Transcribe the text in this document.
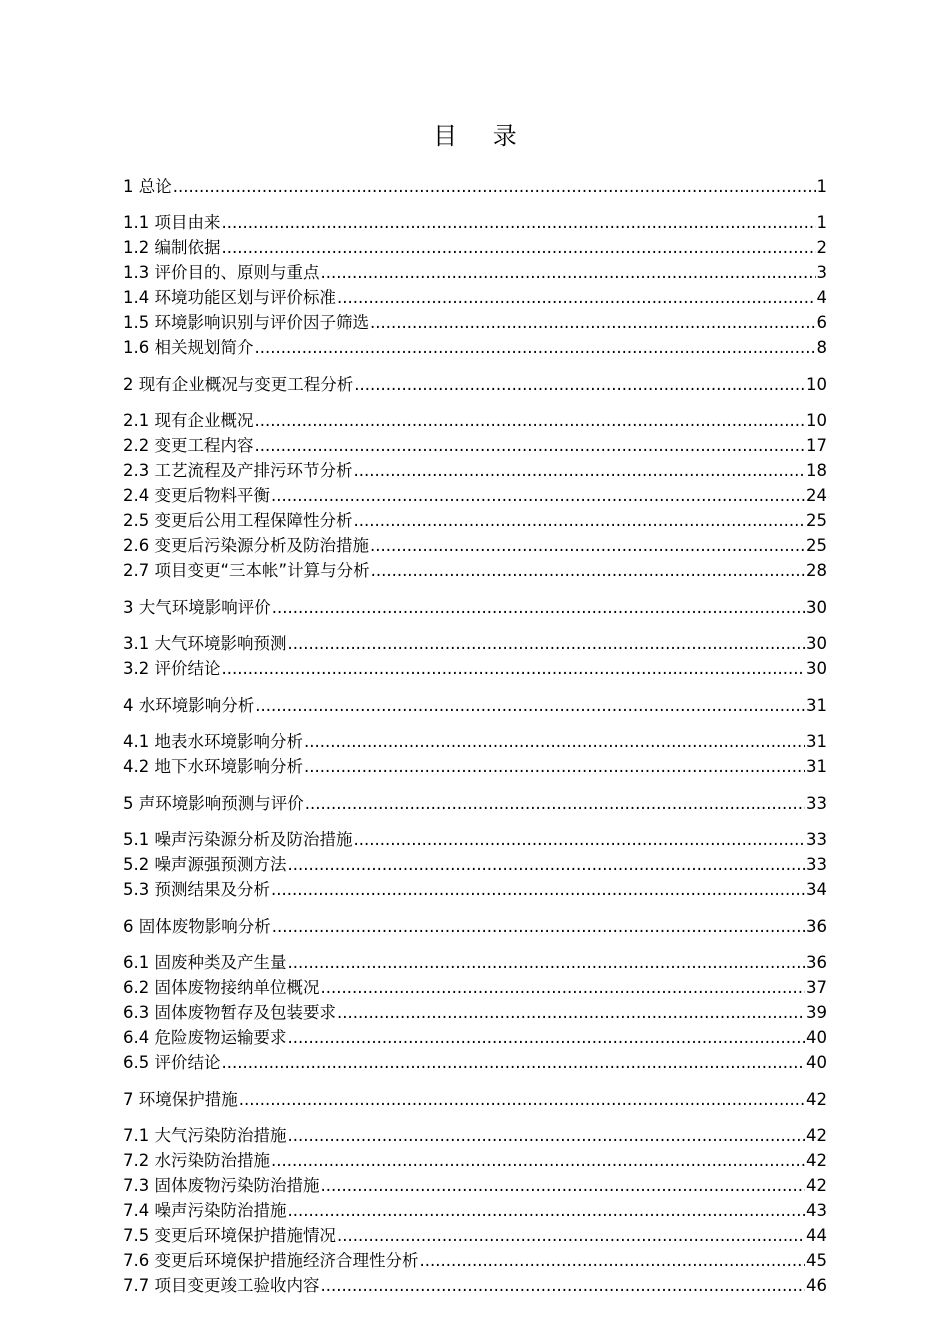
目 录
1 总论 .....	1
1.1 项目由来 .....	1
1.2 编制依据 .....	2
1.3 评价目的、原则与重点 .....	3
1.4 环境功能区划与评价标准 .....	4
1.5 环境影响识别与评价因子筛选 .....	6
1.6 相关规划简介 .....	8
2 现有企业概况与变更工程分析 .....	10
2.1 现有企业概况 .....	10
2.2 变更工程内容 .....	17
2.3 工艺流程及产排污环节分析 .....	18
2.4 变更后物料平衡 .....	24
2.5 变更后公用工程保障性分析 .....	25
2.6 变更后污染源分析及防治措施 .....	25
2.7 项目变更“三本帐”计算与分析 .....	28
3 大气环境影响评价 .....	30
3.1 大气环境影响预测 .....	30
3.2 评价结论 .....	30
4 水环境影响分析 .....	31
4.1 地表水环境影响分析 .....	31
4.2 地下水环境影响分析 .....	31
5 声环境影响预测与评价 .....	33
5.1 噪声污染源分析及防治措施 .....	33
5.2 噪声源强预测方法 .....	33
5.3 预测结果及分析 .....	34
6 固体废物影响分析 .....	36
6.1 固废种类及产生量 .....	36
6.2 固体废物接纳单位概况 .....	37
6.3 固体废物暂存及包装要求 .....	39
6.4 危险废物运输要求 .....	40
6.5 评价结论 .....	40
7 环境保护措施 .....	42
7.1 大气污染防治措施 .....	42
7.2 水污染防治措施 .....	42
7.3 固体废物污染防治措施 .....	42
7.4 噪声污染防治措施 .....	43
7.5 变更后环境保护措施情况 .....	44
7.6 变更后环境保护措施经济合理性分析 .....	45
7.7 项目变更竣工验收内容 .....	46
